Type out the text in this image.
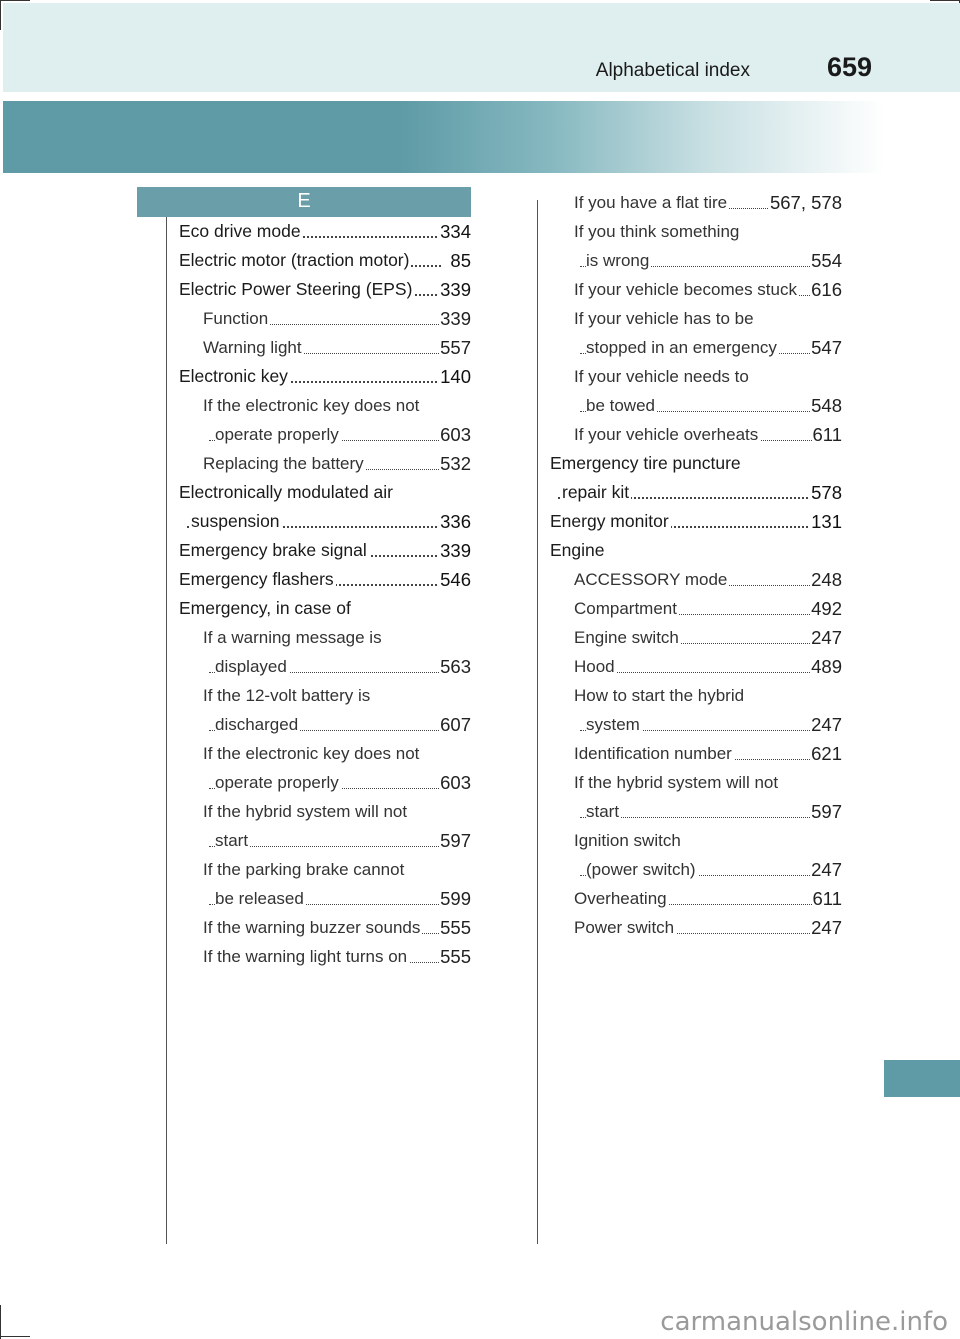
Alphabetical index	659
E
Eco drive mode	334
Electric motor (traction motor) 85
Electric Power Steering (EPS) 339
Function	339
Warning light	557
Electronic key	140
If the electronic key does not
operate properly	603
Replacing the battery	532
Electronically modulated air
suspension	336
Emergency brake signal	339
Emergency flashers	546
Emergency, in case of
If a warning message is
displayed	563
If the 12-volt battery is
discharged	607
If the electronic key does not
operate properly	603
If the hybrid system will not
start	597
If the parking brake cannot
be released	599
If the warning buzzer sounds 555
If the warning light turns on 555
If you have a flat tire 567, 578
If you think something
is wrong	554
If your vehicle becomes stuck 616
If your vehicle has to be
stopped in an emergency 547
If your vehicle needs to
be towed	548
If your vehicle overheats	611
Emergency tire puncture
repair kit	578
Energy monitor	131
Engine
ACCESSORY mode	248
Compartment	492
Engine switch	247
Hood	489
How to start the hybrid
system	247
Identification number	621
If the hybrid system will not
start	597
Ignition switch
(power switch)	247
Overheating	611
Power switch	247
carmanualsonline.info
